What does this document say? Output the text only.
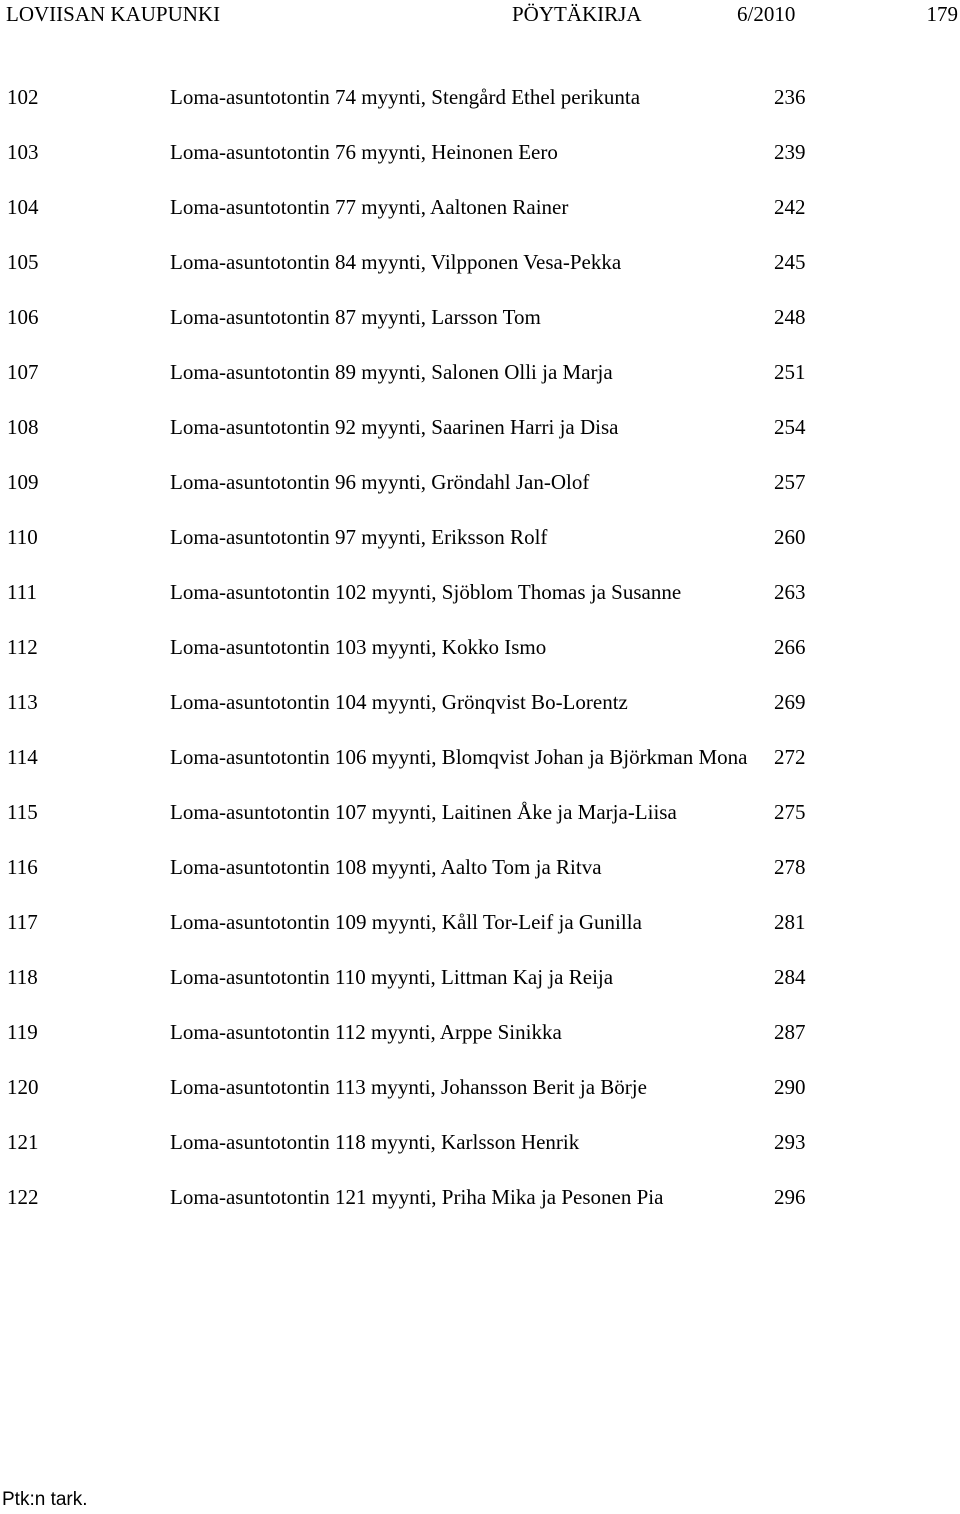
LOVIISAN KAUPUNKI	PÖYTÄKIRJA	6/2010	179
102	Loma-asuntotontin 74 myynti, Stengård Ethel perikunta	236
103	Loma-asuntotontin 76 myynti, Heinonen Eero	239
104	Loma-asuntotontin 77 myynti, Aaltonen Rainer	242
105	Loma-asuntotontin 84 myynti, Vilpponen Vesa-Pekka	245
106	Loma-asuntotontin 87 myynti, Larsson Tom	248
107	Loma-asuntotontin 89 myynti, Salonen Olli ja Marja	251
108	Loma-asuntotontin 92 myynti, Saarinen Harri ja Disa	254
109	Loma-asuntotontin 96 myynti, Gröndahl Jan-Olof	257
110	Loma-asuntotontin 97 myynti, Eriksson Rolf	260
111	Loma-asuntotontin 102 myynti, Sjöblom Thomas ja Susanne	263
112	Loma-asuntotontin 103 myynti, Kokko Ismo	266
113	Loma-asuntotontin 104 myynti, Grönqvist Bo-Lorentz	269
114	Loma-asuntotontin 106 myynti, Blomqvist Johan ja Björkman Mona	272
115	Loma-asuntotontin 107 myynti, Laitinen Åke ja Marja-Liisa	275
116	Loma-asuntotontin 108 myynti, Aalto Tom ja Ritva	278
117	Loma-asuntotontin 109 myynti, Kåll Tor-Leif ja Gunilla	281
118	Loma-asuntotontin 110 myynti, Littman Kaj ja Reija	284
119	Loma-asuntotontin 112 myynti, Arppe Sinikka	287
120	Loma-asuntotontin 113 myynti, Johansson Berit ja Börje	290
121	Loma-asuntotontin 118 myynti, Karlsson Henrik	293
122	Loma-asuntotontin 121 myynti, Priha Mika ja Pesonen Pia	296
Ptk:n tark.
